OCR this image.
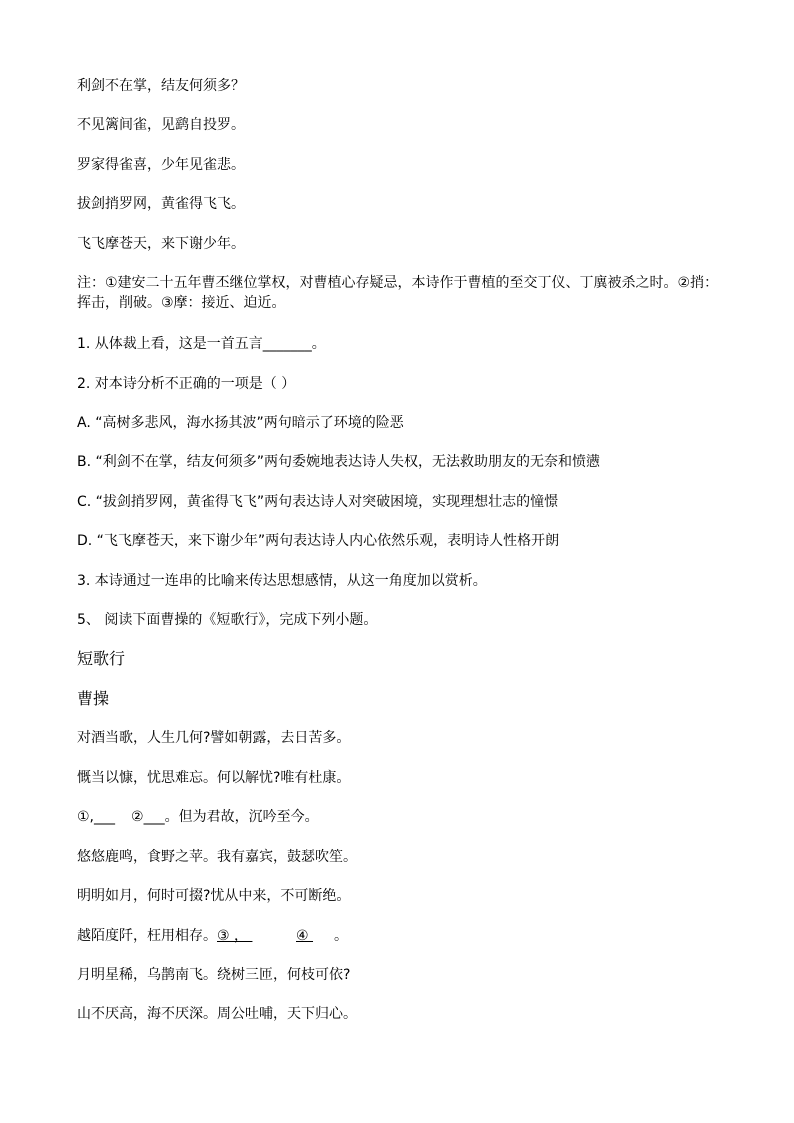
利剑不在掌，结友何须多？
不见篱间雀，见鹞自投罗。
罗家得雀喜，少年见雀悲。
拔剑捎罗网，黄雀得飞飞。
飞飞摩苍天，来下谢少年。
注：①建安二十五年曹丕继位掌权，对曹植心存疑忌，本诗作于曹植的至交丁仪、丁廙被杀之时。②捎：挥击，削破。③摩：接近、迫近。
1. 从体裁上看，这是一首五言_______。
2. 对本诗分析不正确的一项是（ ）
A. “高树多悲风，海水扬其波”两句暗示了环境的险恶
B. “利剑不在掌，结友何须多”两句委婉地表达诗人失权，无法救助朋友的无奈和愤懑
C. “拔剑捎罗网，黄雀得飞飞”两句表达诗人对突破困境，实现理想壮志的憧憬
D. “飞飞摩苍天，来下谢少年”两句表达诗人内心依然乐观，表明诗人性格开朗
3. 本诗通过一连串的比喻来传达思想感情，从这一角度加以赏析。
5、 阅读下面曹操的《短歌行》，完成下列小题。
短歌行
曹操
对酒当歌，人生几何?譬如朝露，去日苦多。
慨当以慷，忧思难忘。何以解忧?唯有杜康。
①,___ ②___。但为君故，沉吟至今。
悠悠鹿鸣，食野之苹。我有嘉宾，鼓瑟吹笙。
明明如月，何时可掇?忧从中来，不可断绝。
越陌度阡，枉用相存。③ ，	④ 。
月明星稀，乌鹊南飞。绕树三匝，何枝可依?
山不厌高，海不厌深。周公吐哺，天下归心。
